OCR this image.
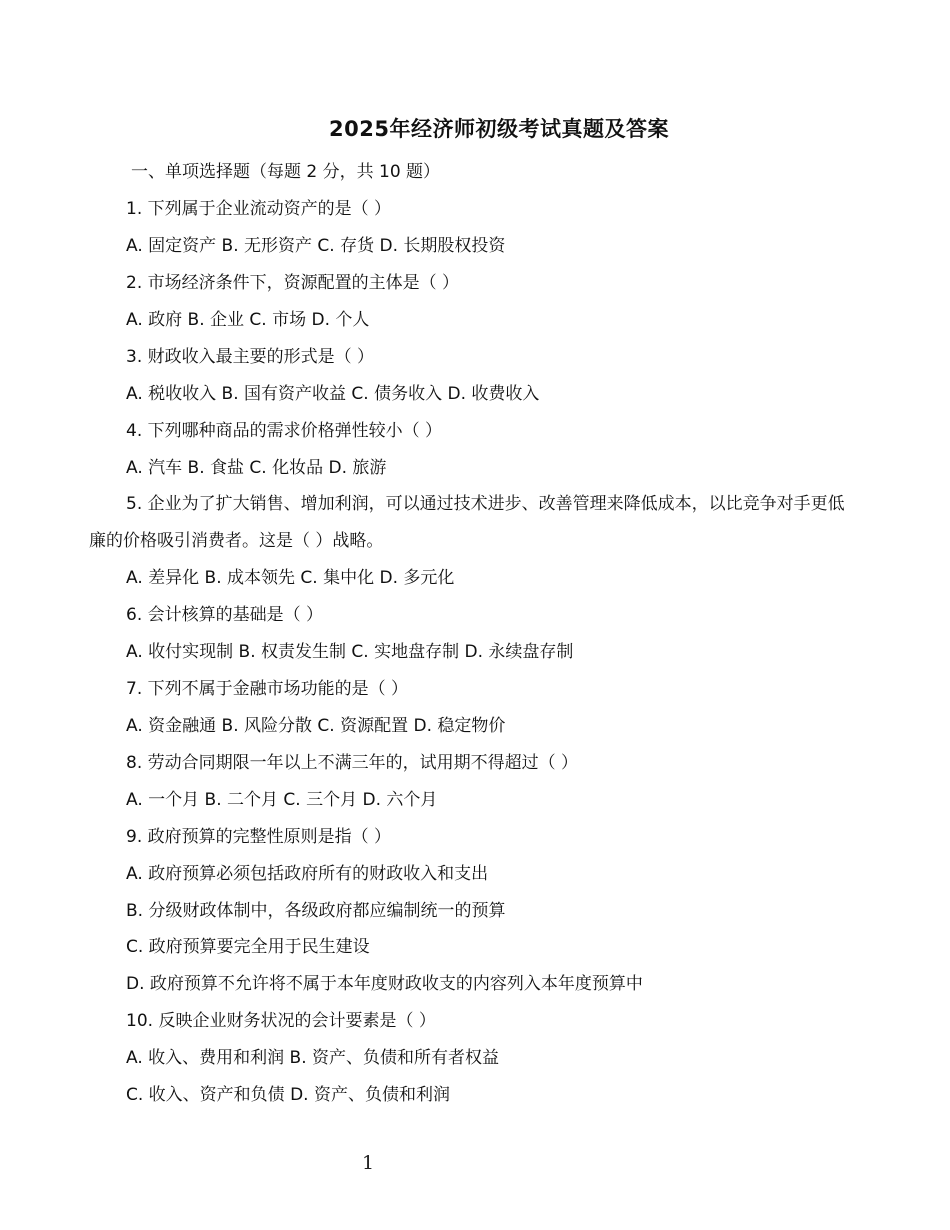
2025年经济师初级考试真题及答案
一、单项选择题（每题 2 分，共 10 题）
1. 下列属于企业流动资产的是（ ）
A. 固定资产 B. 无形资产 C. 存货 D. 长期股权投资
2. 市场经济条件下，资源配置的主体是（ ）
A. 政府 B. 企业 C. 市场 D. 个人
3. 财政收入最主要的形式是（ ）
A. 税收收入 B. 国有资产收益 C. 债务收入 D. 收费收入
4. 下列哪种商品的需求价格弹性较小（ ）
A. 汽车 B. 食盐 C. 化妆品 D. 旅游
5. 企业为了扩大销售、增加利润，可以通过技术进步、改善管理来降低成本，以比竞争对手更低廉的价格吸引消费者。这是（ ）战略。
A. 差异化 B. 成本领先 C. 集中化 D. 多元化
6. 会计核算的基础是（ ）
A. 收付实现制 B. 权责发生制 C. 实地盘存制 D. 永续盘存制
7. 下列不属于金融市场功能的是（ ）
A. 资金融通 B. 风险分散 C. 资源配置 D. 稳定物价
8. 劳动合同期限一年以上不满三年的，试用期不得超过（ ）
A. 一个月 B. 二个月 C. 三个月 D. 六个月
9. 政府预算的完整性原则是指（ ）
A. 政府预算必须包括政府所有的财政收入和支出
B. 分级财政体制中，各级政府都应编制统一的预算
C. 政府预算要完全用于民生建设
D. 政府预算不允许将不属于本年度财政收支的内容列入本年度预算中
10. 反映企业财务状况的会计要素是（ ）
A. 收入、费用和利润 B. 资产、负债和所有者权益
C. 收入、资产和负债 D. 资产、负债和利润
1
